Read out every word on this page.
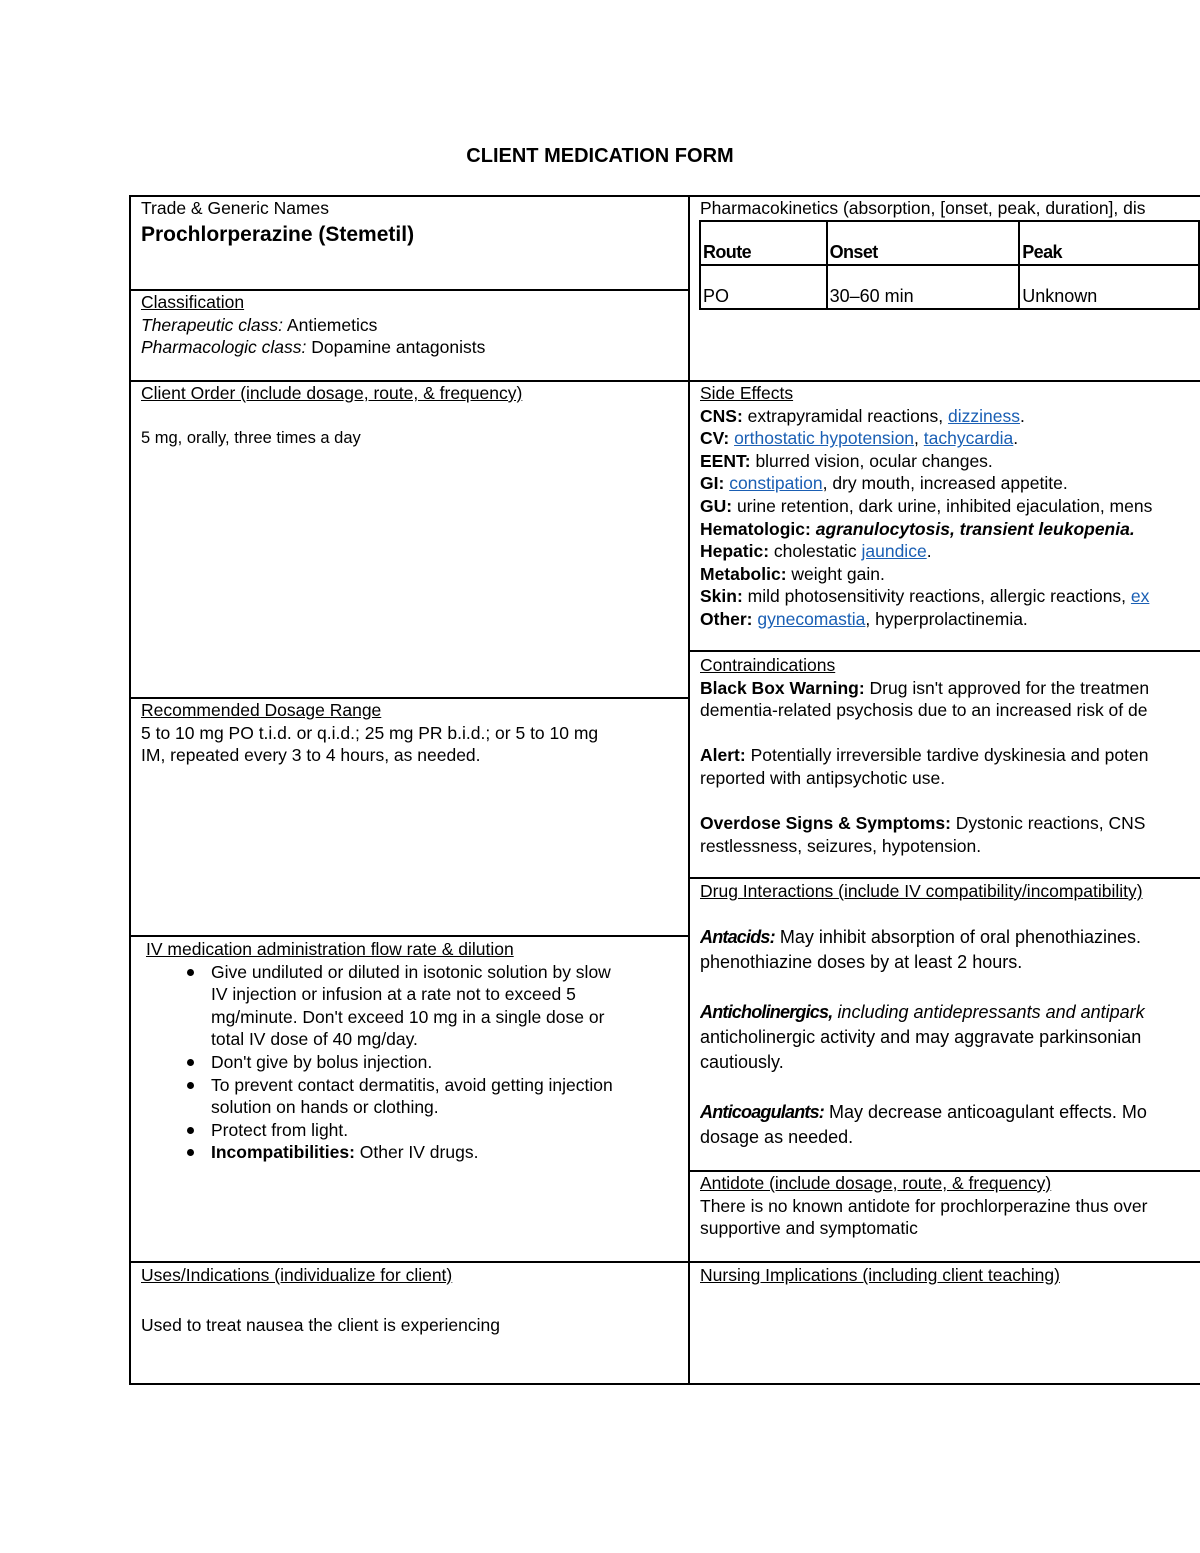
CLIENT MEDICATION FORM
Trade & Generic Names
Prochlorperazine (Stemetil)
Classification
Therapeutic class: Antiemetics
Pharmacologic class: Dopamine antagonists
Client Order (include dosage, route, & frequency)
5 mg, orally, three times a day
Recommended Dosage Range
5 to 10 mg PO t.i.d. or q.i.d.; 25 mg PR b.i.d.; or 5 to 10 mg
IM, repeated every 3 to 4 hours, as needed.
IV medication administration flow rate & dilution
Give undiluted or diluted in isotonic solution by slow
IV injection or infusion at a rate not to exceed 5
mg/minute. Don't exceed 10 mg in a single dose or
total IV dose of 40 mg/day.
Don't give by bolus injection.
To prevent contact dermatitis, avoid getting injection
solution on hands or clothing.
Protect from light.
Incompatibilities: Other IV drugs.
Uses/Indications (individualize for client)
Used to treat nausea the client is experiencing
Pharmacokinetics (absorption, [onset, peak, duration], dis
Route	Onset	Peak
PO	30–60 min	Unknown
Side Effects
CNS: extrapyramidal reactions, dizziness.
CV: orthostatic hypotension, tachycardia.
EENT: blurred vision, ocular changes.
GI: constipation, dry mouth, increased appetite.
GU: urine retention, dark urine, inhibited ejaculation, mens
Hematologic: agranulocytosis, transient leukopenia.
Hepatic: cholestatic jaundice.
Metabolic: weight gain.
Skin: mild photosensitivity reactions, allergic reactions, ex
Other: gynecomastia, hyperprolactinemia.
Contraindications
Black Box Warning: Drug isn't approved for the treatmen
dementia-related psychosis due to an increased risk of de
Alert: Potentially irreversible tardive dyskinesia and poten
reported with antipsychotic use.
Overdose Signs & Symptoms: Dystonic reactions, CNS
restlessness, seizures, hypotension.
Drug Interactions (include IV compatibility/incompatibility)
Antacids: May inhibit absorption of oral phenothiazines.
phenothiazine doses by at least 2 hours.
Anticholinergics, including antidepressants and antipark
anticholinergic activity and may aggravate parkinsonian
cautiously.
Anticoagulants: May decrease anticoagulant effects. Mo
dosage as needed.
Antidote (include dosage, route, & frequency)
There is no known antidote for prochlorperazine thus over
supportive and symptomatic
Nursing Implications (including client teaching)
